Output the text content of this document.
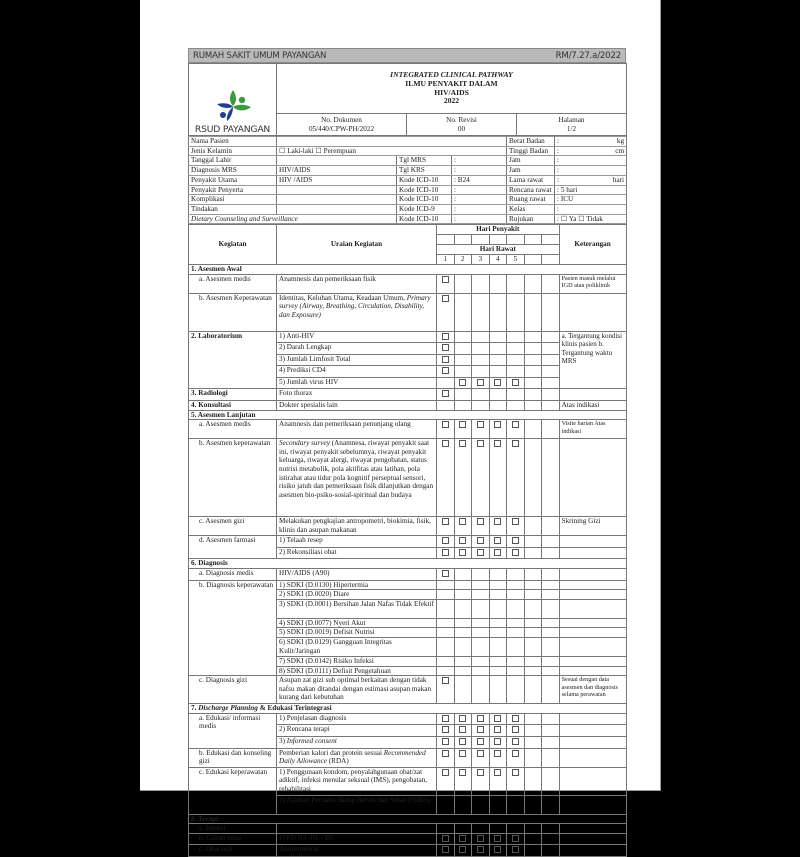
RUMAH SAKIT UMUM PAYANGAN	RM/7.27.a/2022
RSUD PAYANGAN	INTEGRATED CLINICAL PATHWAY
ILMU PENYAKIT DALAM
HIV/AIDS
2022		

No. Dokumen
05/440/CPW-PH/2022

No. Revisi
00

Halaman
1/2
Nama Pasien				Berat Badan	: kg

Jenis Kelamin	☐ Laki-laki ☐ Perempuan			Tinggi Badan	: cm

Tanggal Lahir		Tgl MRS	:	Jam	:
Diagnosis MRS	HIV/AIDS	Tgl KRS	:	Jam	:
Penyakit Utama	HIV /AIDS	Kode ICD-10	: B24	Lama rawat	: hari

Penyakit Penyerta		Kode ICD-10	:	Rencana rawat	: 5 hari
Komplikasi		Kode ICD-10	:	Ruang rawat	: ICU
Tindakan		Kode ICD-9	:	Kelas	:
Dietary Counseling and Surveillance		Kode ICD-10	:	Rujukan	: ☐ Ya ☐ Tidak
Kegiatan	Uraian Kegiatan	Hari Penyakit							Keterangan

		Hari Rawat							
		1	2	3	4	5			
1. Asesmen Awal									
a. Asesmen medis	Anamnesis dan pemeriksaan fisik								Pasien masuk melalui IGD atau poliklinik
b. Asesmen Keperawatan	Identitas, Keluhan Utama, Keadaan Umum, Primary survey (Airway, Breathing, Circulation, Disability, dan Exposure)								
2. Laboratorium	1) Anti-HIV								a. Tergantung kondisi klinis pasien b. Tergantung waktu MRS
	2) Darah Lengkap								
	3) Jumlah Limfosit Total								
	4) Prediksi CD4								
	5) Jumlah virus HIV								
3. Radiologi	Foto thorax								
4. Konsultasi	Dokter spesialis lain								Atas indikasi
5. Asesmen Lanjutan									
a. Asesmen medis	Anamnesis dan pemeriksaan penunjang ulang								Visite harian Atas indikasi
b. Asesmen keperawatan	Secondary survey (Anamnesa, riwayat penyakit saat ini, riwayat penyakit sebelumnya, riwayat penyakit keluarga, riwayat alergi, riwayat pengobatan, status nutrisi metabolik, pola aktifitas atau latihan, pola istirahat atau tidur pola kognitif perseptual sensori, risiko jatuh dan pemeriksaan fisik dilanjutkan dengan asesmen bio-psiko-sosial-spiritual dan budaya								
c. Asesmen gizi	Melakukan pengkajian antropometri, biokimia, fisik, klinis dan asupan makanan								Skrining Gizi
d. Asesmen farmasi	1) Telaah resep								
	2) Rekonsiliasi obat								
6. Diagnosis									
a. Diagnosis medis	HIV/AIDS (A90)								
b. Diagnosis keperawatan	1) SDKI (D.0130) Hipertermia								
	2) SDKI (D.0020) Diare								
	3) SDKI (D.0001) Bersihan Jalan Nafas Tidak Efektif								
	4) SDKI (D.0077) Nyeri Akut								
	5) SDKI (D.0019) Defisit Nutrisi								
	6) SDKI (D.0129) Gangguan Integritas Kulit/Jaringan								
	7) SDKI (D.0142) Risiko Infeksi								
	8) SDKI (D.0111) Defisit Pengetahuan								
c. Diagnosis gizi	Asupan zat gizi sub optimal berkaitan dengan tidak nafsu makan ditandai dengan estimasi asupan makan kurang dari kebutuhan								Sesuai dengan data asesmen dan diagnosis selama perawatan
7. Discharge Planning & Edukasi Terintegrasi									
a. Edukasi/ informasi medis	1) Penjelasan diagnosis								
	2) Rencana terapi								
	3) Informed consent								
b. Edukasi dan konseling gizi	Pemberian kalori dan protein sesuai Recommended Daily Allowance (RDA)								
c. Edukasi keperawatan	1) Penggunaan kondom, penyalahgunaan obat/zat adiktif, infeksi menular seksual (IMS), pengobatan, rehabilitasi								
	2) Ajarkan Perilaku Hidup Bersih dan Sehat (PHBS)								
8. Terapi									
a. Injeksi	-								
b. Cairan infus	IVFD NS /RL / D5								
c. Obat oral	Antiretroviral								
